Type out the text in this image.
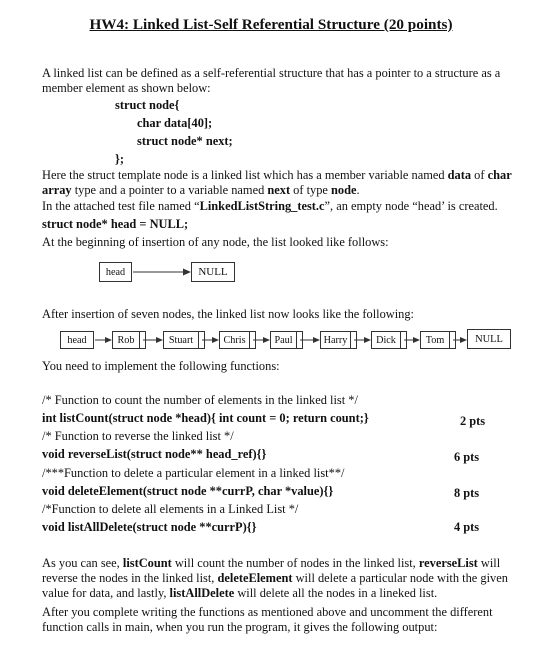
HW4: Linked List-Self Referential Structure (20 points)
A linked list can be defined as a self-referential structure that has a pointer to a structure as a
member element as shown below:
struct node{
char data[40];
struct node* next;
};
Here the struct template node is a linked list which has a member variable named data of char
array type and a pointer to a variable named next of type node.
In the attached test file named “LinkedListString_test.c”, an empty node “head’ is created.
struct node* head = NULL;
At the beginning of insertion of any node, the list looked like follows:
head	NULL
After insertion of seven nodes, the linked list now looks like the following:
head	Rob	Stuart	Chris	Paul	Harry	Dick	Tom	NULL
You need to implement the following functions:
/* Function to count the number of elements in the linked list */
int listCount(struct node *head){ int count = 0; return count;}	2 pts
/* Function to reverse the linked list */
void reverseList(struct node** head_ref){}	6 pts
/***Function to delete a particular element in a linked list**/
void deleteElement(struct node **currP, char *value){}	8 pts
/*Function to delete all elements in a Linked List */
void listAllDelete(struct node **currP){}	4 pts
As you can see, listCount will count the number of nodes in the linked list, reverseList will
reverse the nodes in the linked list, deleteElement will delete a particular node with the given
value for data, and lastly, listAllDelete will delete all the nodes in a lineked list.
After you complete writing the functions as mentioned above and uncomment the different
function calls in main, when you run the program, it gives the following output:
